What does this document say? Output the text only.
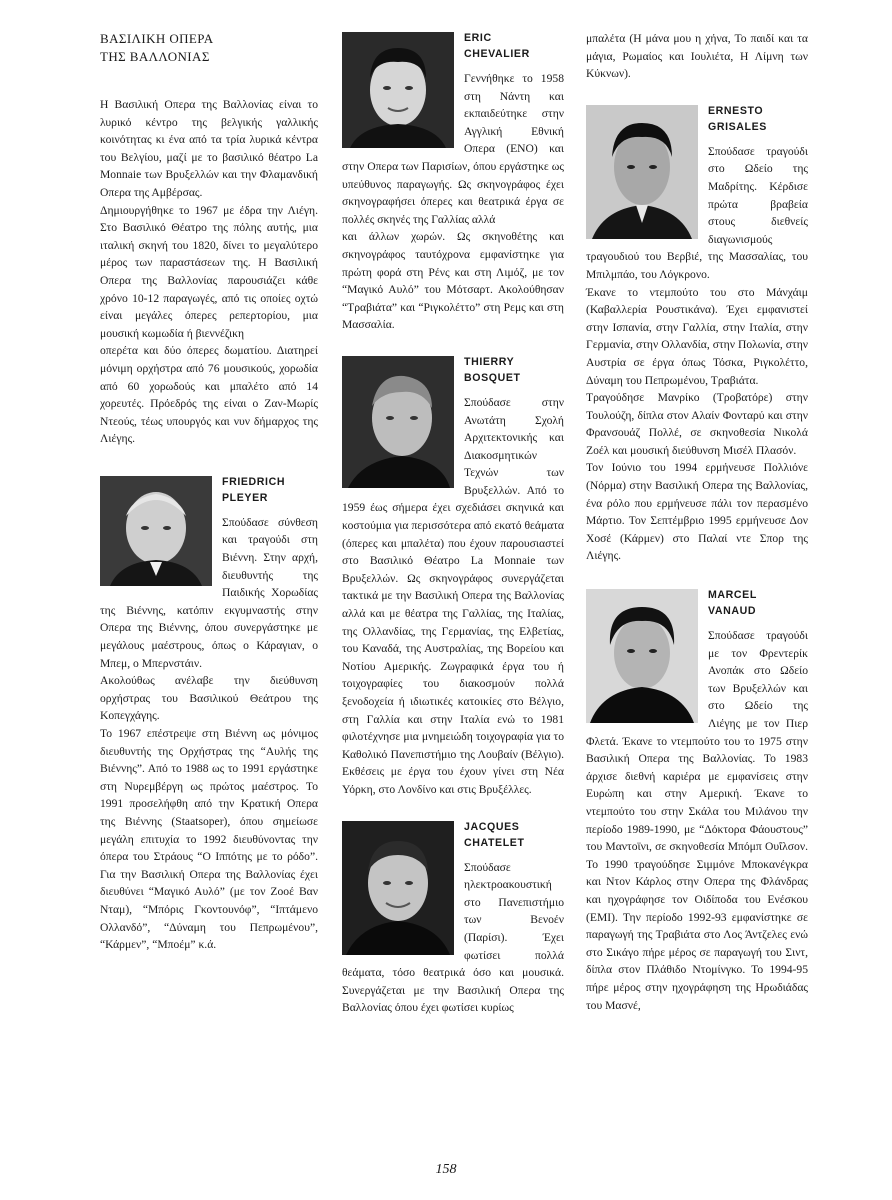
ΒΑΣΙΛΙΚΗ ΟΠΕΡΑ
ΤΗΣ ΒΑΛΛΟΝΙΑΣ

Η Βασιλική Οπερα της Βαλλονίας είναι το λυρικό κέντρο της βελγικής γαλλικής κοινότητας κι ένα από τα τρία λυρικά κέντρα του Βελγίου, μαζί με το βασιλικό θέατρο La Monnaie των Βρυξελλών και την Φλαμανδική Οπερα της Αμβέρσας.

Δημιουργήθηκε το 1967 με έδρα την Λιέγη. Στο Βασιλικό Θέατρο της πόλης αυτής, μια ιταλική σκηνή του 1820, δίνει το μεγαλύτερο μέρος των παραστάσεων της. Η Βασιλική Οπερα της Βαλλονίας παρουσιάζει κάθε χρόνο 10-12 παραγωγές, από τις οποίες οχτώ είναι μεγάλες όπερες ρεπερτορίου, μια μουσική κωμωδία ή βιεννέζικη

οπερέτα και δύο όπερες δωματίου. Διατηρεί μόνιμη ορχήστρα από 76 μουσικούς, χορωδία από 60 χορωδούς και μπαλέτο από 14 χορευτές. Πρόεδρός της είναι ο Ζαν-Μωρίς Ντεούς, τέως υπουργός και νυν δήμαρχος της Λιέγης.

FRIEDRICH
PLEYER

Σπούδασε σύνθεση και τραγούδι στη Βιέννη. Στην αρχή, διευθυντής της Παιδικής Χορωδίας της Βιέννης, κατόπιν εκγυμναστής στην Οπερα της Βιέννης, όπου συνεργάστηκε με μεγάλους μαέστρους, όπως ο Κάραγιαν, ο Μπεμ, ο Μπερνστάιν.

Ακολούθως ανέλαβε την διεύθυνση ορχήστρας του Βασιλικού Θεάτρου της Κοπεγχάγης.

Το 1967 επέστρεψε στη Βιέννη ως μόνιμος διευθυντής της Ορχήστρας της “Αυλής της Βιέννης”. Από το 1988 ως το 1991 εργάστηκε στη Νυρεμβέργη ως πρώτος μαέστρος. Το 1991 προσελήφθη από την Κρατική Οπερα της Βιέννης (Staatsoper), όπου σημείωσε μεγάλη επιτυχία το 1992 διευθύνοντας την όπερα του Στράους “Ο Ιππότης με το ρόδο”. Για την Βασιλική Οπερα της Βαλλονίας έχει διευθύνει “Μαγικό Αυλό” (με τον Ζοοέ Βαν Νταμ), “Μπόρις Γκοντουνόφ”, “Ιπτάμενο Ολλανδό”, “Δύναμη του Πεπρωμένου”, “Κάρμεν”, “Μποέμ” κ.ά.

ERIC
CHEVALIER

Γεννήθηκε το 1958 στη Νάντη και εκπαιδεύτηκε στην Αγγλική Εθνική Οπερα (ENO) και στην Οπερα των Παρισίων, όπου εργάστηκε ως υπεύθυνος παραγωγής. Ως σκηνογράφος έχει σκηνογραφήσει όπερες και θεατρικά έργα σε πολλές σκηνές της Γαλλίας αλλά

και άλλων χωρών. Ως σκηνοθέτης και σκηνογράφος ταυτόχρονα εμφανίστηκε για πρώτη φορά στη Ρένς και στη Λιμόζ, με τον “Μαγικό Αυλό” του Μότσαρτ. Ακολούθησαν “Τραβιάτα” και “Ριγκολέττο” στη Ρεμς και στη Μασσαλία.

THIERRY
BOSQUET

Σπούδασε στην Ανωτάτη Σχολή Αρχιτεκτονικής και Διακοσμητικών Τεχνών των Βρυξελλών. Από το 1959 έως σήμερα έχει σχεδιάσει σκηνικά και κοστούμια για περισσότερα από εκατό θεάματα (όπερες και μπαλέτα) που έχουν παρουσιαστεί στο Βασιλικό Θέατρο La Monnaie των Βρυξελλών. Ως σκηνογράφος συνεργάζεται τακτικά με την Βασιλική Οπερα της Βαλλονίας αλλά και με θέατρα της Γαλλίας, της Ιταλίας, της Ολλανδίας, της Γερμανίας, της Ελβετίας, του Καναδά, της Αυστραλίας, της Βορείου και Νοτίου Αμερικής. Ζωγραφικά έργα του ή τοιχογραφίες του διακοσμούν πολλά ξενοδοχεία ή ιδιωτικές κατοικίες στο Βέλγιο, στη Γαλλία και στην Ιταλία ενώ το 1981 φιλοτέχνησε μια μνημειώδη τοιχογραφία για το Καθολικό Πανεπιστήμιο της Λουβαίν (Βέλγιο). Εκθέσεις με έργα του έχουν γίνει στη Νέα Υόρκη, στο Λονδίνο και στις Βρυξέλλες.

JACQUES
CHATELET

Σπούδασε ηλεκτροακουστική στο Πανεπιστήμιο των Βενοέν (Παρίσι). Έχει φωτίσει πολλά θεάματα, τόσο θεατρικά όσο και μουσικά. Συνεργάζεται με την Βασιλική Οπερα της Βαλλονίας όπου έχει φωτίσει κυρίως

μπαλέτα (Η μάνα μου η χήνα, Το παιδί και τα μάγια, Ρωμαίος και Ιουλιέτα, Η Λίμνη των Κύκνων).

ERNESTO
GRISALES

Σπούδασε τραγούδι στο Ωδείο της Μαδρίτης. Κέρδισε πρώτα βραβεία στους διεθνείς διαγωνισμούς τραγουδιού του Βερβιέ, της Μασσαλίας, του Μπιλμπάο, του Λόγκρονο.

Έκανε το ντεμπούτο του στο Μάνχάιμ (Καβαλλερία Ρουστικάνα). Έχει εμφανιστεί στην Ισπανία, στην Γαλλία, στην Ιταλία, στην Γερμανία, στην Ολλανδία, στην Πολωνία, στην Αυστρία σε έργα όπως Τόσκα, Ριγκολέττο, Δύναμη του Πεπρωμένου, Τραβιάτα.

Τραγούδησε Μανρίκο (Τροβατόρε) στην Τουλούζη, δίπλα στον Αλαίν Φονταρύ και στην Φρανσουάζ Πολλέ, σε σκηνοθεσία Νικολά Ζοέλ και μουσική διεύθυνση Μισέλ Πλασόν.

Τον Ιούνιο του 1994 ερμήνευσε Πολλιόνε (Νόρμα) στην Βασιλική Οπερα της Βαλλονίας, ένα ρόλο που ερμήνευσε πάλι τον περασμένο Μάρτιο. Τον Σεπτέμβριο 1995 ερμήνευσε Δον Χοσέ (Κάρμεν) στο Παλαί ντε Σπορ της Λιέγης.

MARCEL
VANAUD

Σπούδασε τραγούδι με τον Φρεντερίκ Ανοπάκ στο Ωδείο των Βρυξελλών και στο Ωδείο της Λιέγης με τον Πιερ Φλετά. Έκανε το ντεμπούτο του το 1975 στην Βασιλική Οπερα της Βαλλονίας. Το 1983 άρχισε διεθνή καριέρα με εμφανίσεις στην Ευρώπη και στην Αμερική. Έκανε το ντεμπούτο του στην Σκάλα του Μιλάνου την περίοδο 1989-1990, με “Δόκτορα Φάουστους” του Μαντοϊνι, σε σκηνοθεσία Μπόμπ Ουΐλσον. Το 1990 τραγούδησε Σιμμόνε Μποκανέγκρα και Ντον Κάρλος στην Οπερα της Φλάνδρας και ηχογράφησε τον Οιδίποδα του Ενέσκου (EMI). Την περίοδο 1992-93 εμφανίστηκε σε παραγωγή της Τραβιάτα στο Λος Άντζελες ενώ στο Σικάγο πήρε μέρος σε παραγωγή του Σιντ, δίπλα στον Πλάθιδο Ντομίνγκο. Το 1994-95 πήρε μέρος στην ηχογράφηση της Ηρωδιάδας του Μασνέ,

158
